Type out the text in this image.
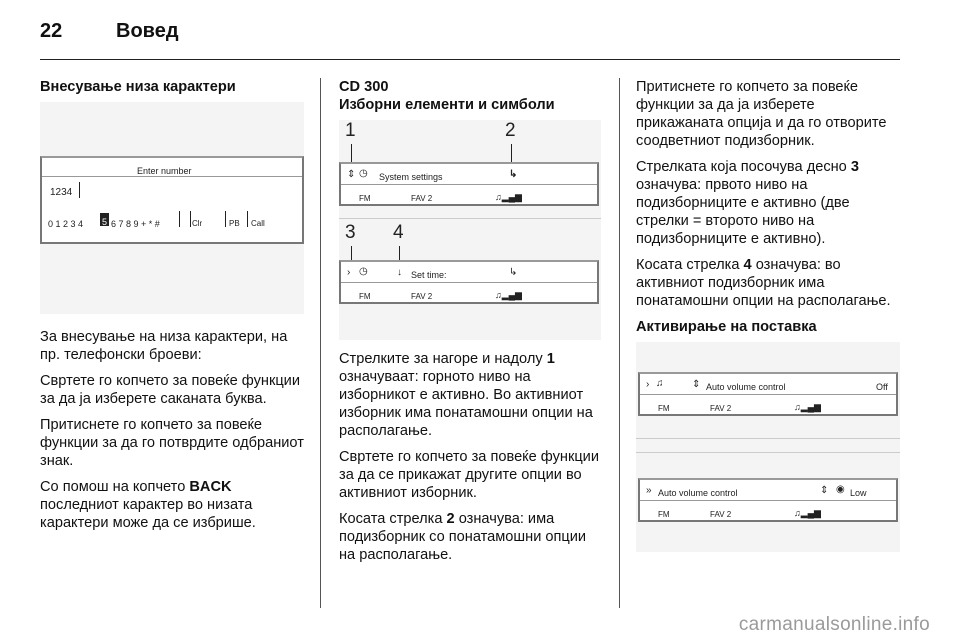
22	Вовед
Внесување низа карактери
Enter number
1234
0 1 2 3 4 5 6 7 8 9 + * #	Clr	PB Call

За внесување на низа карактери, на пр. телефонски броеви:

Свртете го копчето за повеќе функции за да ја изберете саканата буква.

Притиснете го копчето за повеќе функции за да го потврдите одбраниот знак.

Со помош на копчето BACK последниот карактер во низата карактери може да се избрише.

CD 300
Изборни елементи и симболи
1	2
⇕ ◷ System settings	↳
FM	FAV 2	♫▂▄▆
3 4
› ◷	↓ Set time:	↳
FM	FAV 2	♫▂▄▆

Стрелките за нагоре и надолу 1 означуваат: горното ниво на изборникот е активно. Во активниот изборник има понатамошни опции на располагање.

Свртете го копчето за повеќе функции за да се прикажат другите опции во активниот изборник.

Косата стрелка 2 означува: има подизборник со понатамошни опции на располагање.

Притиснете го копчето за повеќе функции за да ја изберете прикажаната опција и да го отворите соодветниот подизборник.

Стрелката која посочува десно 3 означува: првото ниво на подизборниците е активно (две стрелки = второто ниво на подизборниците е активно).

Косата стрелка 4 означува: во активниот подизборник има понатамошни опции на располагање.

Активирање на поставка
› ♫	⇕ Auto volume control	Off
FM	FAV 2	♫▂▄▆
» Auto volume control	⇕ ◉ Low
FM	FAV 2	♫▂▄▆
carmanualsonline.info
